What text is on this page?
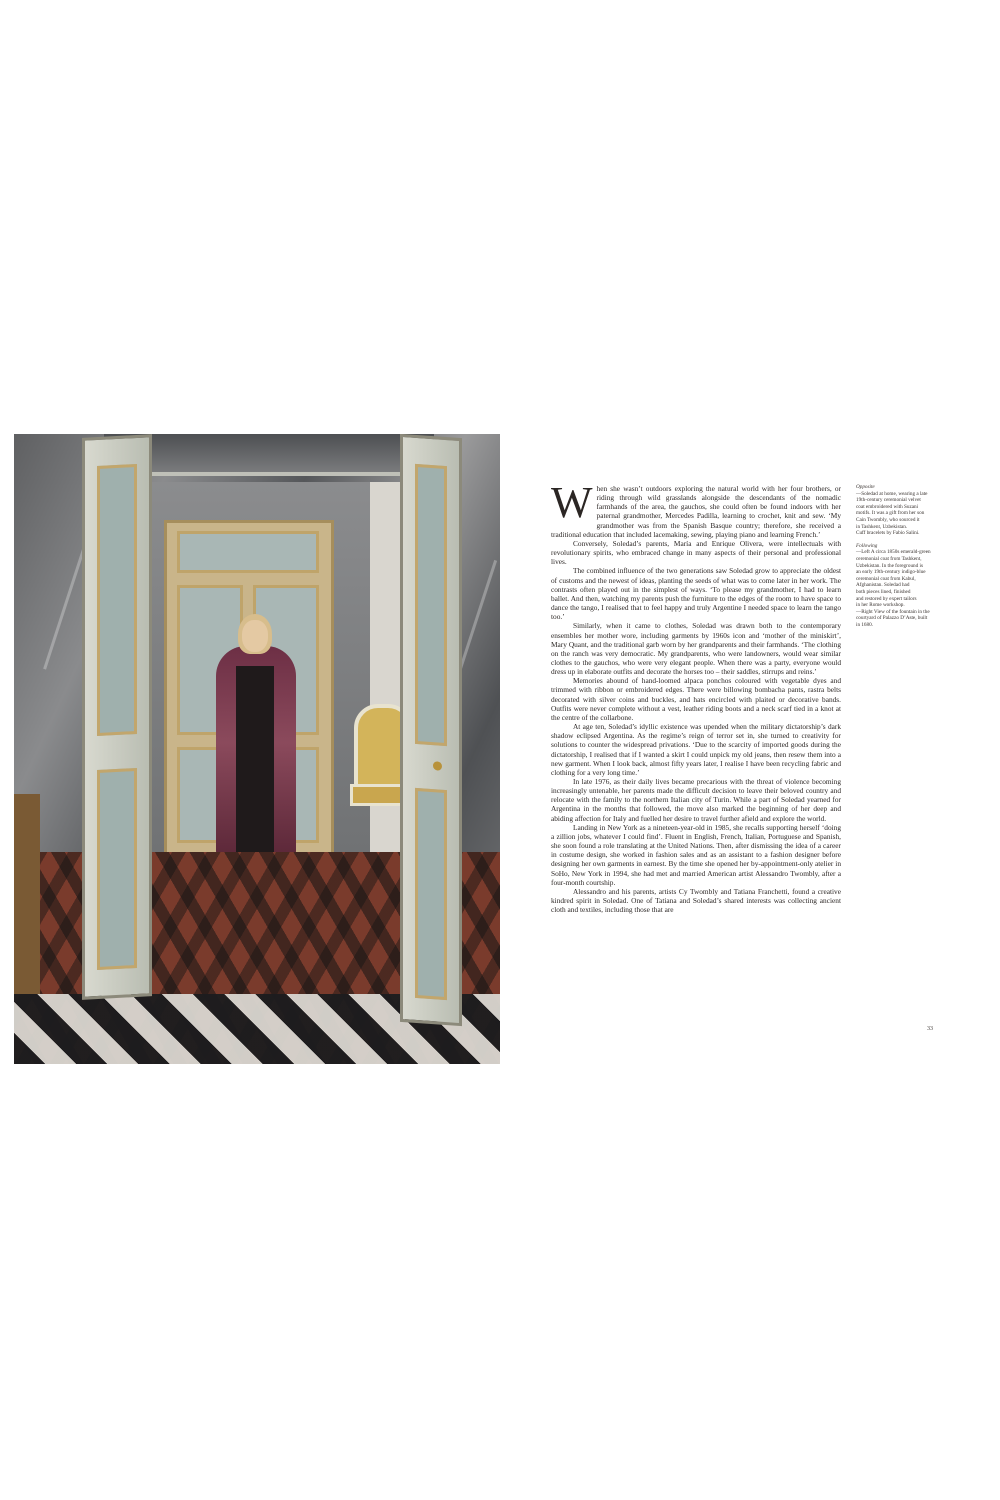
When she wasn’t outdoors exploring the natural world with her four brothers, or riding through wild grasslands alongside the descendants of the nomadic farmhands of the area, the gauchos, she could often be found indoors with her paternal grandmother, Mercedes Padilla, learning to crochet, knit and sew. ‘My grandmother was from the Spanish Basque country; therefore, she received a traditional education that included lacemaking, sewing, playing piano and learning French.’

Conversely, Soledad’s parents, María and Enrique Olivera, were intellectuals with revolutionary spirits, who embraced change in many aspects of their personal and professional lives.

The combined influence of the two generations saw Soledad grow to appreciate the oldest of customs and the newest of ideas, planting the seeds of what was to come later in her work. The contrasts often played out in the simplest of ways. ‘To please my grandmother, I had to learn ballet. And then, watching my parents push the furniture to the edges of the room to have space to dance the tango, I realised that to feel happy and truly Argentine I needed space to learn the tango too.’

Similarly, when it came to clothes, Soledad was drawn both to the contemporary ensembles her mother wore, including garments by 1960s icon and ‘mother of the miniskirt’, Mary Quant, and the traditional garb worn by her grandparents and their farmhands. ‘The clothing on the ranch was very democratic. My grandparents, who were landowners, would wear similar clothes to the gauchos, who were very elegant people. When there was a party, everyone would dress up in elaborate outfits and decorate the horses too – their saddles, stirrups and reins.’

Memories abound of hand-loomed alpaca ponchos coloured with vegetable dyes and trimmed with ribbon or embroidered edges. There were billowing bombacha pants, rastra belts decorated with silver coins and buckles, and hats encircled with plaited or decorative bands. Outfits were never complete without a vest, leather riding boots and a neck scarf tied in a knot at the centre of the collarbone.

At age ten, Soledad’s idyllic existence was upended when the military dictatorship’s dark shadow eclipsed Argentina. As the regime’s reign of terror set in, she turned to creativity for solutions to counter the widespread privations. ‘Due to the scarcity of imported goods during the dictatorship, I realised that if I wanted a skirt I could unpick my old jeans, then resew them into a new garment. When I look back, almost fifty years later, I realise I have been recycling fabric and clothing for a very long time.’

In late 1976, as their daily lives became precarious with the threat of violence becoming increasingly untenable, her parents made the difficult decision to leave their beloved country and relocate with the family to the northern Italian city of Turin. While a part of Soledad yearned for Argentina in the months that followed, the move also marked the beginning of her deep and abiding affection for Italy and fuelled her desire to travel further afield and explore the world.

Landing in New York as a nineteen-year-old in 1985, she recalls supporting herself ‘doing a zillion jobs, whatever I could find’. Fluent in English, French, Italian, Portuguese and Spanish, she soon found a role translating at the United Nations. Then, after dismissing the idea of a career in costume design, she worked in fashion sales and as an assistant to a fashion designer before designing her own garments in earnest. By the time she opened her by-appointment-only atelier in SoHo, New York in 1994, she had met and married American artist Alessandro Twombly, after a four-month courtship.

Alessandro and his parents, artists Cy Twombly and Tatiana Franchetti, found a creative kindred spirit in Soledad. One of Tatiana and Soledad’s shared interests was collecting ancient cloth and textiles, including those that are

Opposite
—Soledad at home, wearing a late
19th-century ceremonial velvet
coat embroidered with Suzani
motifs. It was a gift from her son
Cain Twombly, who sourced it
in Tashkent, Uzbekistan.
Cuff bracelets by Fabio Salini.
Following
—Left A circa 1850s emerald-green
ceremonial coat from Tashkent,
Uzbekistan. In the foreground is
an early 19th-century indigo-blue
ceremonial coat from Kabul,
Afghanistan. Soledad had
both pieces lined, finished
and restored by expert tailors
in her Rome workshop.
—Right View of the fountain in the
courtyard of Palazzo D’Aste, built
in 1680.
33
